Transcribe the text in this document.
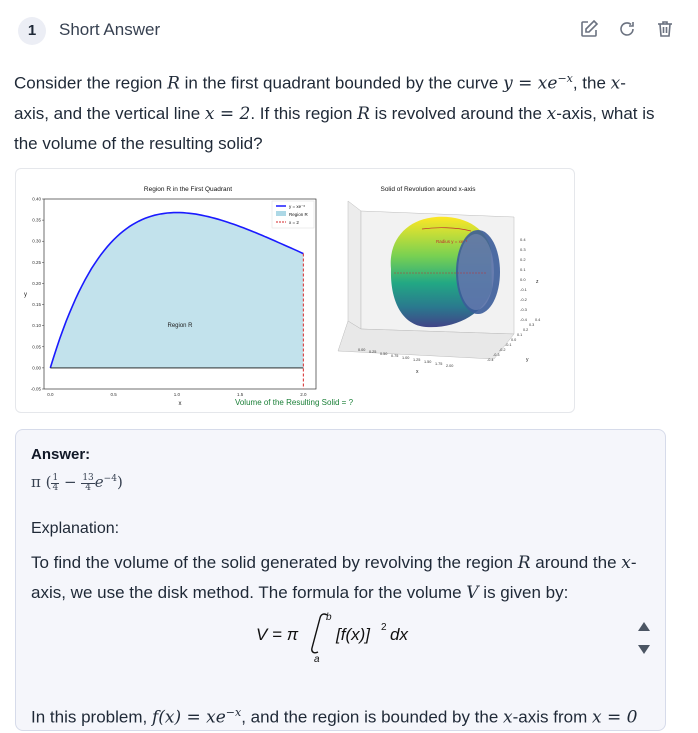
1	Short Answer
Consider the region R in the first quadrant bounded by the curve $y = xe^{-x}$, the x-
axis, and the vertical line x = 2. If this region R is revolved around the x-axis, what is
the volume of the resulting solid?
Region R in the First Quadrant
0.40
0.35
0.30
0.25
0.20
0.15
0.10
0.05
0.00
-0.05
0.0	0.5	1.0	1.5	2.0
Region R
y
x
y = xe⁻ˣ
Region R
x = 2
Solid of Revolution around x-axis
Radius y = xe⁻ˣ	0.4
0.3
0.2
0.1
0.0
-0.1
-0.2
-0.3
-0.4
z
0.00 0.25 0.50 0.75 1.00 1.25 1.50 1.75 2.00
x
0.4
0.3
0.2
0.1
0.0
-0.1
-0.2
-0.3
-0.4	y
Volume of the Resulting Solid = ?
Answer:
π ( $\frac{1}{4} - \frac{13}{4} e^{-4}$)
Explanation:
To find the volume of the solid generated by revolving the region R around the x-axis, we use the disk method. The formula for the volume V is given by:
V = π
b
a
[f(x)] 2 dx
In this problem, $f(x) = xe^{-x}$, and the region is bounded by the x-axis from x = 0
